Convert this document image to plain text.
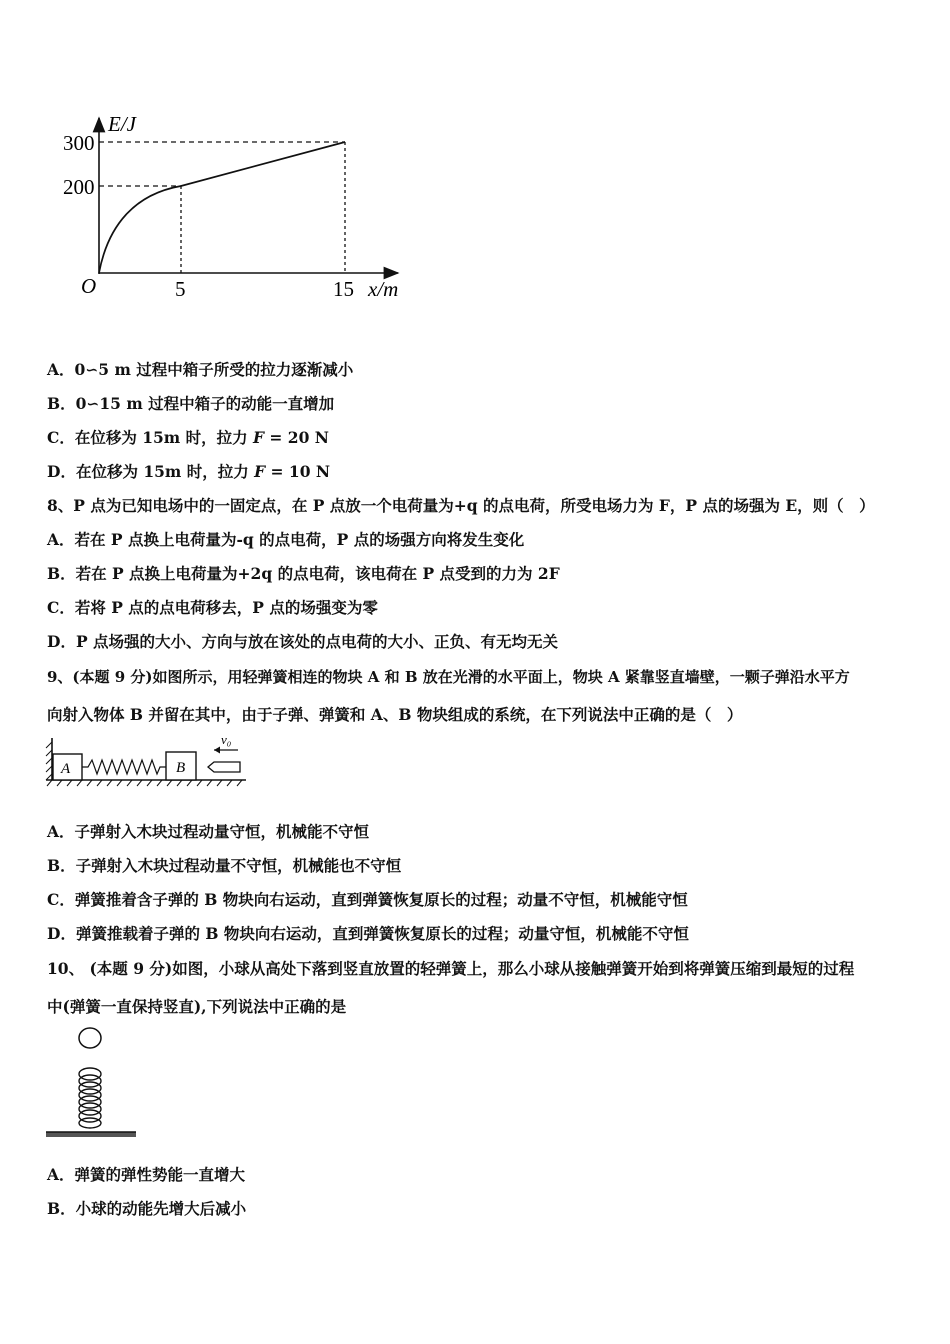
E/J
300
200
O	5	15 x/m
A．0∽5 m 过程中箱子所受的拉力逐渐减小
B．0∽15 m 过程中箱子的动能一直增加
C．在位移为 15m 时，拉力 F = 20 N
D．在位移为 15m 时，拉力 F = 10 N
8、P 点为已知电场中的一固定点，在 P 点放一个电荷量为+q 的点电荷，所受电场力为 F，P 点的场强为 E，则（　）
A．若在 P 点换上电荷量为-q 的点电荷，P 点的场强方向将发生变化
B．若在 P 点换上电荷量为+2q 的点电荷，该电荷在 P 点受到的力为 2F
C．若将 P 点的点电荷移去，P 点的场强变为零
D．P 点场强的大小、方向与放在该处的点电荷的大小、正负、有无均无关
9、(本题 9 分)如图所示，用轻弹簧相连的物块 A 和 B 放在光滑的水平面上，物块 A 紧靠竖直墙壁，一颗子弹沿水平方
向射入物体 B 并留在其中，由于子弹、弹簧和 A、B 物块组成的系统，在下列说法中正确的是（　）
A	B
v₀
A．子弹射入木块过程动量守恒，机械能不守恒
B．子弹射入木块过程动量不守恒，机械能也不守恒
C．弹簧推着含子弹的 B 物块向右运动，直到弹簧恢复原长的过程；动量不守恒，机械能守恒
D．弹簧推载着子弹的 B 物块向右运动，直到弹簧恢复原长的过程；动量守恒，机械能不守恒
10、 (本题 9 分)如图，小球从高处下落到竖直放置的轻弹簧上，那么小球从接触弹簧开始到将弹簧压缩到最短的过程
中(弹簧一直保持竖直),下列说法中正确的是
A．弹簧的弹性势能一直增大
B．小球的动能先增大后减小
